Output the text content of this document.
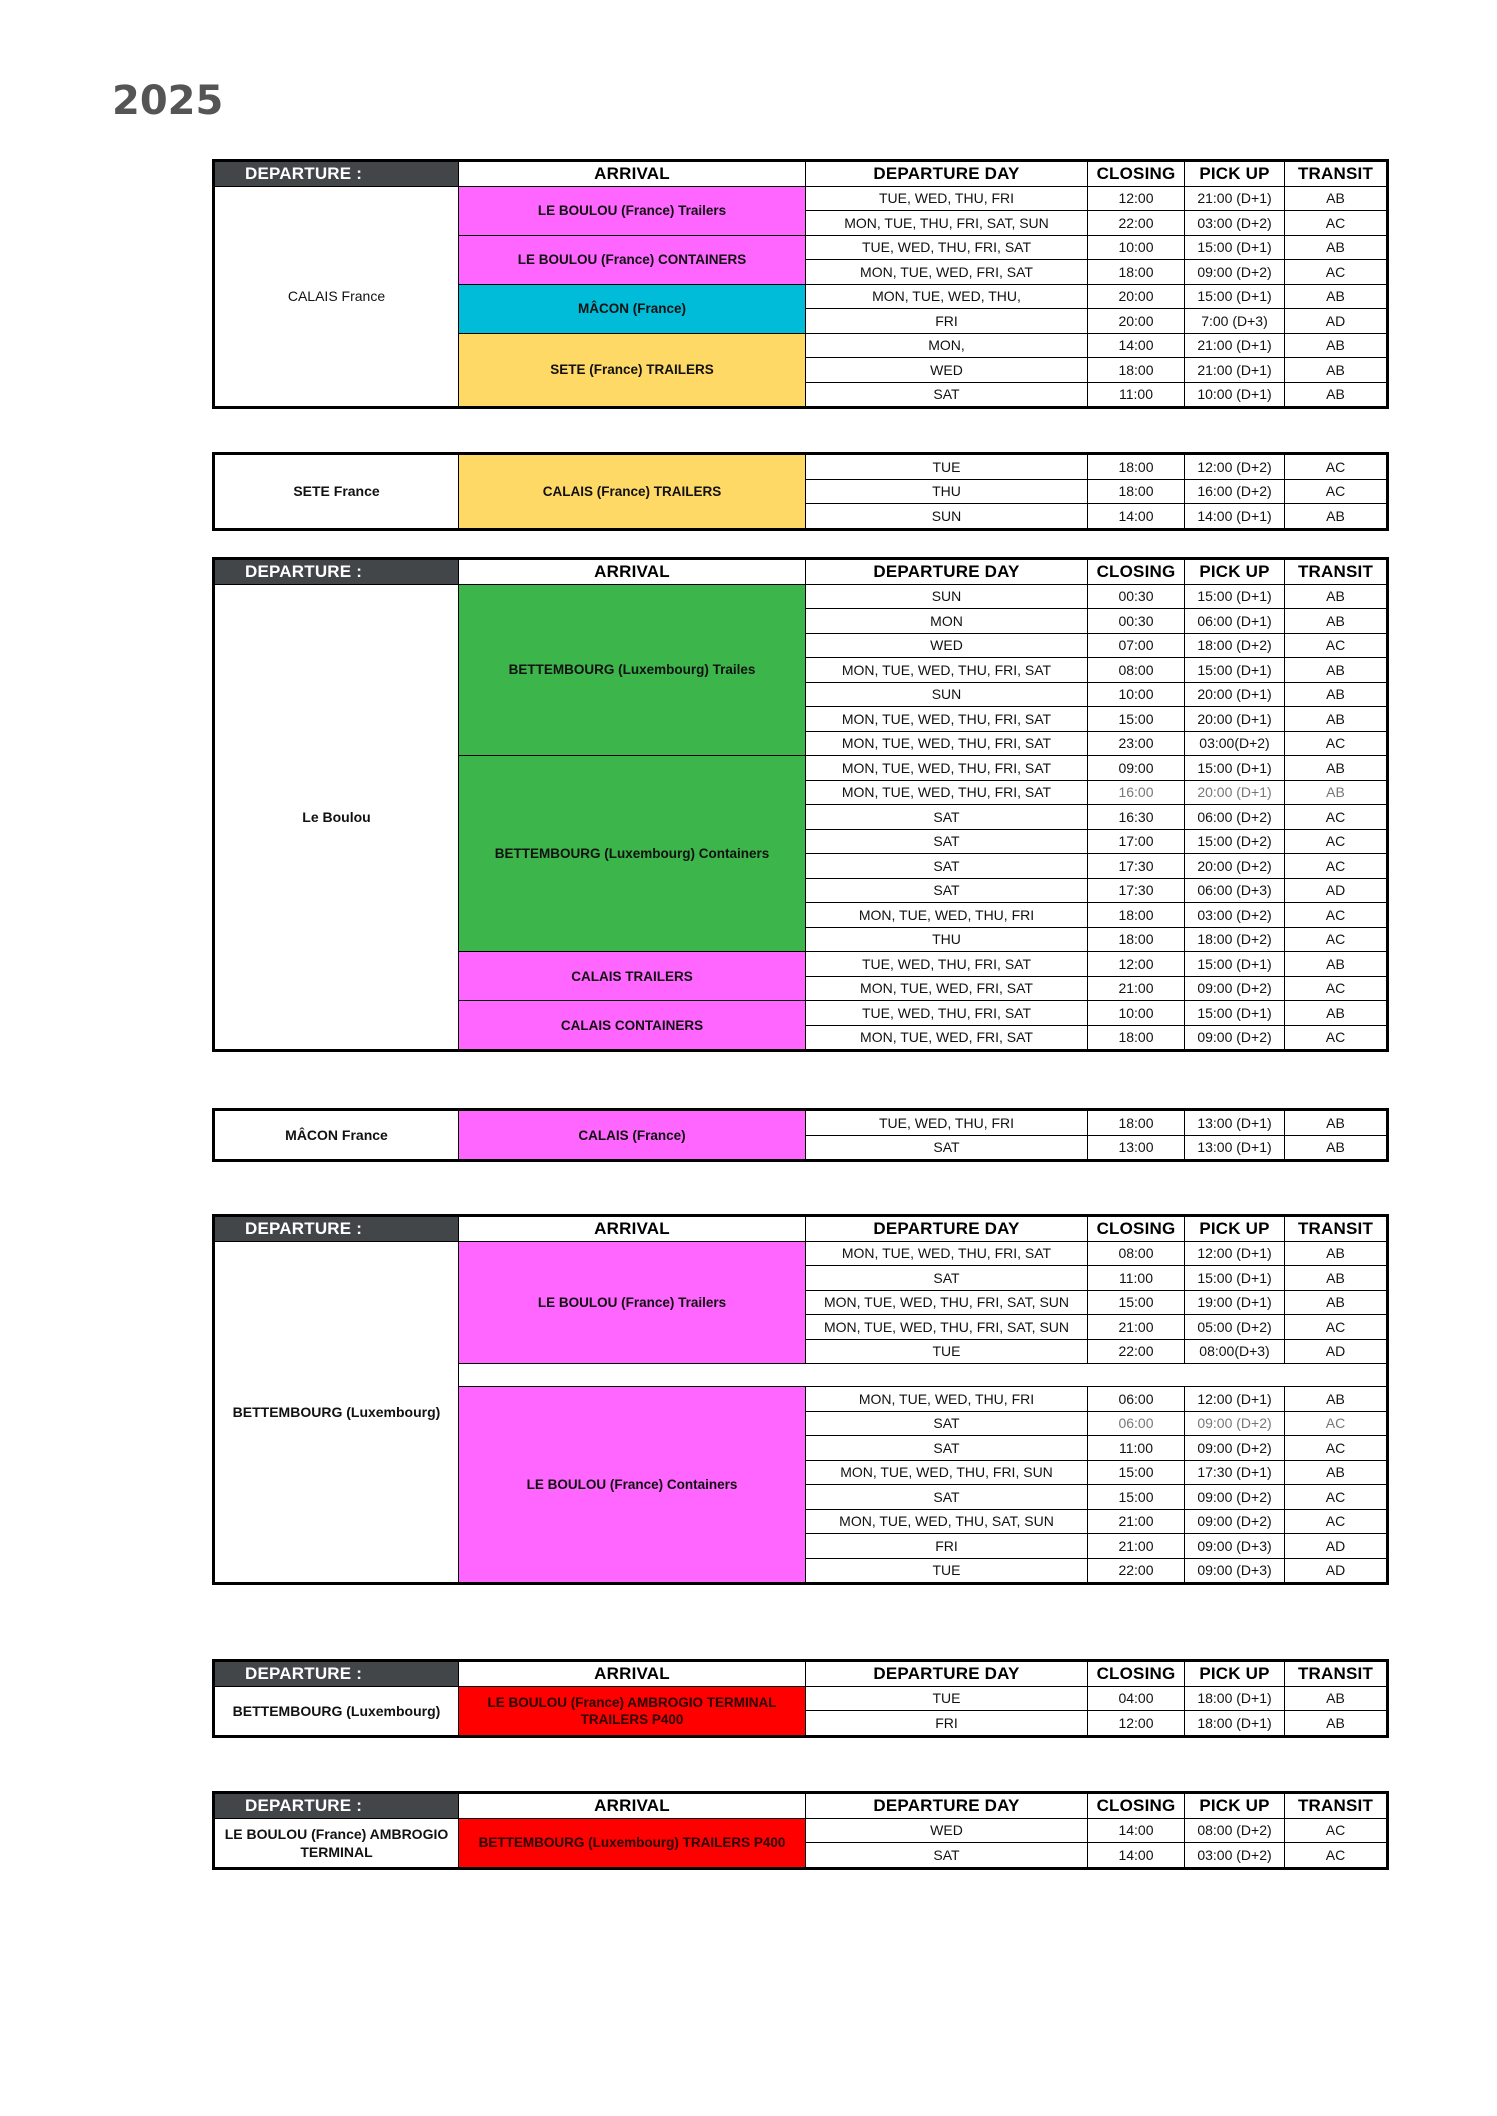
2025
DEPARTURE :	ARRIVAL	DEPARTURE DAY	CLOSING	PICK UP	TRANSIT
CALAIS France	LE BOULOU (France) Trailers	TUE, WED, THU, FRI	12:00	21:00 (D+1)	AB
		MON, TUE, THU, FRI, SAT, SUN	22:00	03:00 (D+2)	AC
	LE BOULOU (France) CONTAINERS	TUE, WED, THU, FRI, SAT	10:00	15:00 (D+1)	AB
		MON, TUE, WED, FRI, SAT	18:00	09:00 (D+2)	AC
	MÂCON (France)	MON, TUE, WED, THU,	20:00	15:00 (D+1)	AB
		FRI	20:00	7:00 (D+3)	AD
	SETE (France) TRAILERS	MON,	14:00	21:00 (D+1)	AB
		WED	18:00	21:00 (D+1)	AB
		SAT	11:00	10:00 (D+1)	AB
SETE France	CALAIS (France) TRAILERS	TUE	18:00	12:00 (D+2)	AC
		THU	18:00	16:00 (D+2)	AC
		SUN	14:00	14:00 (D+1)	AB
DEPARTURE :	ARRIVAL	DEPARTURE DAY	CLOSING	PICK UP	TRANSIT
Le Boulou	BETTEMBOURG (Luxembourg) Trailes	SUN	00:30	15:00 (D+1)	AB
		MON	00:30	06:00 (D+1)	AB
		WED	07:00	18:00 (D+2)	AC
		MON, TUE, WED, THU, FRI, SAT	08:00	15:00 (D+1)	AB
		SUN	10:00	20:00 (D+1)	AB
		MON, TUE, WED, THU, FRI, SAT	15:00	20:00 (D+1)	AB
		MON, TUE, WED, THU, FRI, SAT	23:00	03:00(D+2)	AC
	BETTEMBOURG (Luxembourg) Containers	MON, TUE, WED, THU, FRI, SAT	09:00	15:00 (D+1)	AB
		MON, TUE, WED, THU, FRI, SAT	16:00	20:00 (D+1)	AB
		SAT	16:30	06:00 (D+2)	AC
		SAT	17:00	15:00 (D+2)	AC
		SAT	17:30	20:00 (D+2)	AC
		SAT	17:30	06:00 (D+3)	AD
		MON, TUE, WED, THU, FRI	18:00	03:00 (D+2)	AC
		THU	18:00	18:00 (D+2)	AC
	CALAIS TRAILERS	TUE, WED, THU, FRI, SAT	12:00	15:00 (D+1)	AB
		MON, TUE, WED, FRI, SAT	21:00	09:00 (D+2)	AC
	CALAIS CONTAINERS	TUE, WED, THU, FRI, SAT	10:00	15:00 (D+1)	AB
		MON, TUE, WED, FRI, SAT	18:00	09:00 (D+2)	AC
MÂCON France	CALAIS (France)	TUE, WED, THU, FRI	18:00	13:00 (D+1)	AB
		SAT	13:00	13:00 (D+1)	AB
DEPARTURE :	ARRIVAL	DEPARTURE DAY	CLOSING	PICK UP	TRANSIT
BETTEMBOURG (Luxembourg)	LE BOULOU (France) Trailers	MON, TUE, WED, THU, FRI, SAT	08:00	12:00 (D+1)	AB
		SAT	11:00	15:00 (D+1)	AB
		MON, TUE, WED, THU, FRI, SAT, SUN	15:00	19:00 (D+1)	AB
		MON, TUE, WED, THU, FRI, SAT, SUN	21:00	05:00 (D+2)	AC
		TUE	22:00	08:00(D+3)	AD

	LE BOULOU (France) Containers	MON, TUE, WED, THU, FRI	06:00	12:00 (D+1)	AB
		SAT	06:00	09:00 (D+2)	AC
		SAT	11:00	09:00 (D+2)	AC
		MON, TUE, WED, THU, FRI, SUN	15:00	17:30 (D+1)	AB
		SAT	15:00	09:00 (D+2)	AC
		MON, TUE, WED, THU, SAT, SUN	21:00	09:00 (D+2)	AC
		FRI	21:00	09:00 (D+3)	AD
		TUE	22:00	09:00 (D+3)	AD
DEPARTURE :	ARRIVAL	DEPARTURE DAY	CLOSING	PICK UP	TRANSIT
BETTEMBOURG (Luxembourg)	LE BOULOU (France) AMBROGIO TERMINAL TRAILERS P400	TUE	04:00	18:00 (D+1)	AB
		FRI	12:00	18:00 (D+1)	AB
DEPARTURE :	ARRIVAL	DEPARTURE DAY	CLOSING	PICK UP	TRANSIT
LE BOULOU (France) AMBROGIO TERMINAL	BETTEMBOURG (Luxembourg) TRAILERS P400	WED	14:00	08:00 (D+2)	AC
		SAT	14:00	03:00 (D+2)	AC
